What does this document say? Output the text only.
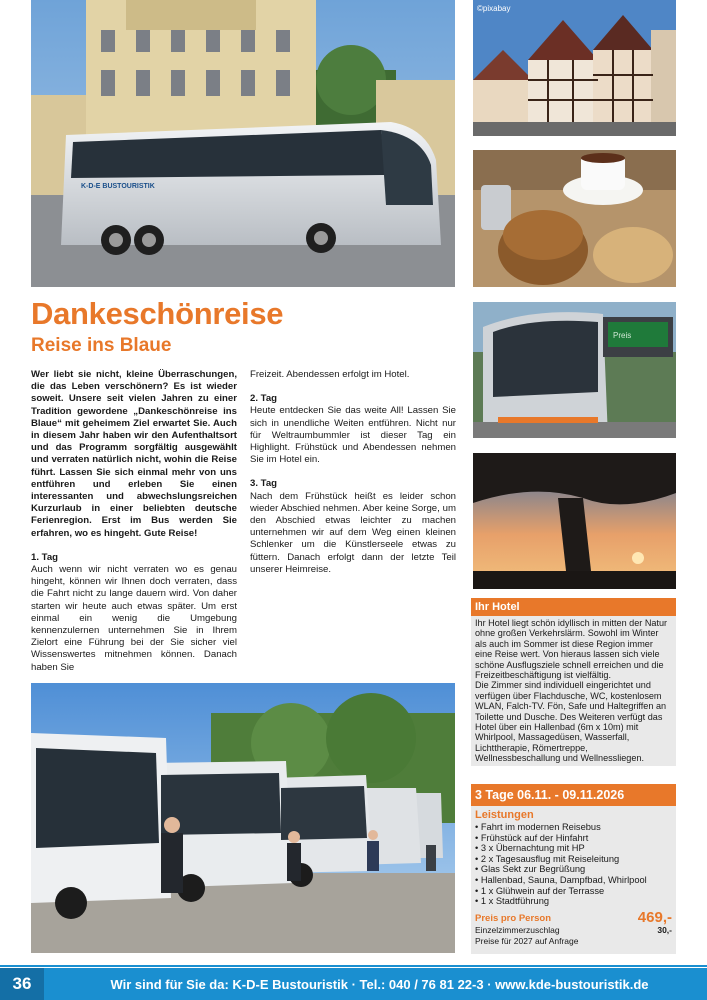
K-D-E BUSTOURISTIK
©pixabay
Preis
Dankeschönreise
Reise ins Blaue

Wer liebt sie nicht, kleine Überraschungen, die das Leben verschönern? Es ist wieder soweit. Unsere seit vielen Jahren zu einer Tradition gewordene „Dankeschönreise ins Blaue“ mit geheimem Ziel erwartet Sie. Auch in diesem Jahr haben wir den Aufenthaltsort und das Programm sorgfältig ausgewählt und verraten natürlich nicht, wohin die Reise führt. Lassen Sie sich einmal mehr von uns entführen und erleben Sie einen interessanten und abwechslungsreichen Kurzurlaub in einer beliebten deutsche Ferienregion. Erst im Bus werden Sie erfahren, wo es hingeht. Gute Reise!

1. Tag

Auch wenn wir nicht verraten wo es genau hingeht, können wir Ihnen doch verraten, dass die Fahrt nicht zu lange dauern wird. Von daher starten wir heute auch etwas später. Um erst einmal ein wenig die Umgebung kennenzulernen unternehmen Sie in Ihrem Zielort eine Führung bei der Sie sicher viel Wissenswertes mitnehmen können. Danach haben Sie

Freizeit. Abendessen erfolgt im Hotel.

2. Tag

Heute entdecken Sie das weite All! Lassen Sie sich in unendliche Weiten entführen. Nicht nur für Weltraumbummler ist dieser Tag ein Highlight. Frühstück und Abendessen nehmen Sie im Hotel ein.

3. Tag

Nach dem Frühstück heißt es leider schon wieder Abschied nehmen. Aber keine Sorge, um den Abschied etwas leichter zu machen unternehmen wir auf dem Weg einen kleinen Schlenker um die Künstlerseele etwas zu füttern. Danach erfolgt dann der letzte Teil unserer Heimreise.

Ihr Hotel

Ihr Hotel liegt schön idyllisch in mitten der Natur ohne großen Verkehrslärm. Sowohl im Winter als auch im Sommer ist diese Region immer eine Reise wert. Von hieraus lassen sich viele schöne Ausflugsziele schnell erreichen und die Freizeitbeschäftigung ist vielfältig.

Die Zimmer sind individuell eingerichtet und verfügen über Flachdusche, WC, kostenlosem WLAN, Falch-TV. Fön, Safe und Haltegriffen an Toilette und Dusche. Des Weiteren verfügt das Hotel über ein Hallenbad (6m x 10m) mit Whirlpool, Massagedüsen, Wasserfall, Lichttherapie, Römertreppe, Wellnessbeschallung und Wellnessliegen.

3 Tage 06.11. - 09.11.2026
Leistungen
• Fahrt im modernen Reisebus
• Frühstück auf der Hinfahrt
• 3 x Übernachtung mit HP
• 2 x Tagesausflug mit Reiseleitung
• Glas Sekt zur Begrüßung
• Hallenbad, Sauna, Dampfbad, Whirlpool
• 1 x Glühwein auf der Terrasse
• 1 x Stadtführung
Preis pro Person	469,-
Einzelzimmerzuschlag	30,-
Preise für 2027 auf Anfrage
36	Wir sind für Sie da: K-D-E Bustouristik · Tel.: 040 / 76 81 22-3 · www.kde-bustouristik.de
